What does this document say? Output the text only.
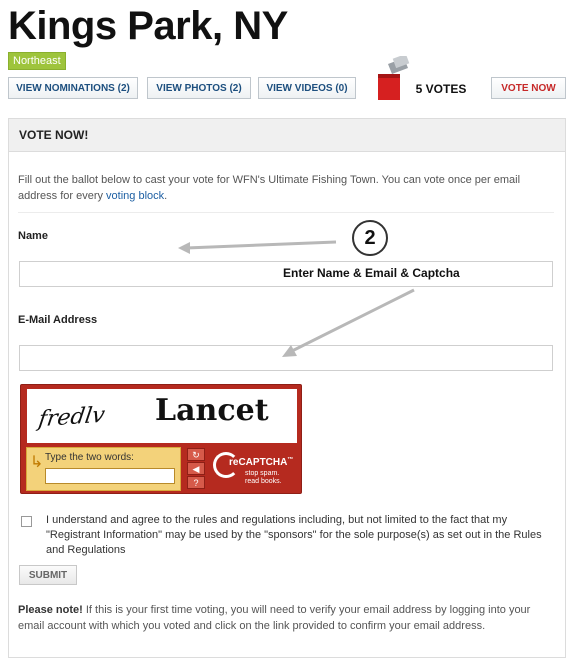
Kings Park, NY
Northeast
VIEW NOMINATIONS (2)	VIEW PHOTOS (2)	VIEW VIDEOS (0)	5 VOTES	VOTE NOW
VOTE NOW!
Fill out the ballot below to cast your vote for WFN's Ultimate Fishing Town. You can vote once per email address for every voting block.
Name
E-Mail Address
2
Enter Name & Email & Captcha
fredlv Lancet
↳ Type the two words:	↻
◀
?
reCAPTCHA™
stop spam.
read books.
I understand and agree to the rules and regulations including, but not limited to the fact that my "Registrant Information" may be used by the "sponsors" for the sole purpose(s) as set out in the Rules and Regulations
SUBMIT
Please note! If this is your first time voting, you will need to verify your email address by logging into your email account with which you voted and click on the link provided to confirm your email address.
